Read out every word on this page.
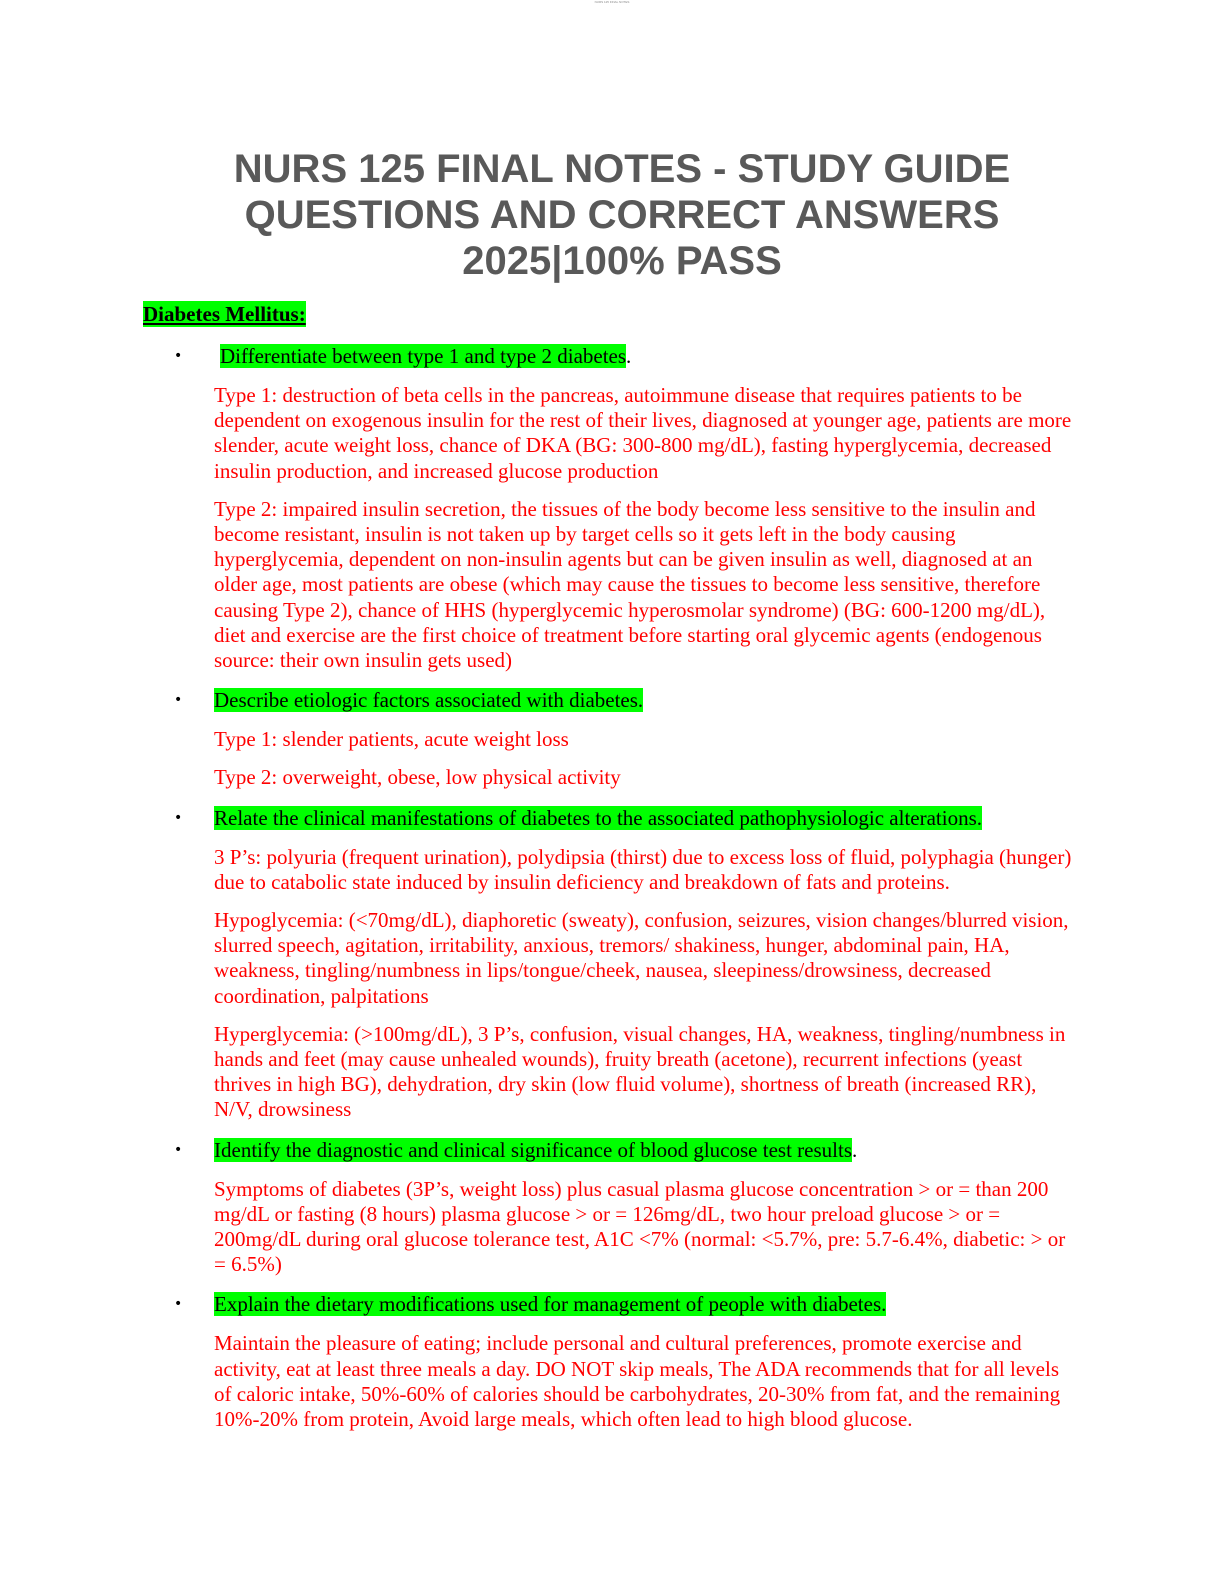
NURS 125 FINAL NOTES
NURS 125 FINAL NOTES - STUDY GUIDE
QUESTIONS AND CORRECT ANSWERS
2025|100% PASS
Diabetes Mellitus:
• Differentiate between type 1 and type 2 diabetes.

Type 1: destruction of beta cells in the pancreas, autoimmune disease that requires patients to be dependent on exogenous insulin for the rest of their lives, diagnosed at younger age, patients are more slender, acute weight loss, chance of DKA (BG: 300-800 mg/dL), fasting hyperglycemia, decreased insulin production, and increased glucose production

Type 2: impaired insulin secretion, the tissues of the body become less sensitive to the insulin and become resistant, insulin is not taken up by target cells so it gets left in the body causing hyperglycemia, dependent on non-insulin agents but can be given insulin as well, diagnosed at an older age, most patients are obese (which may cause the tissues to become less sensitive, therefore causing Type 2), chance of HHS (hyperglycemic hyperosmolar syndrome) (BG: 600-1200 mg/dL), diet and exercise are the first choice of treatment before starting oral glycemic agents (endogenous source: their own insulin gets used)

• Describe etiologic factors associated with diabetes.

Type 1: slender patients, acute weight loss

Type 2: overweight, obese, low physical activity

• Relate the clinical manifestations of diabetes to the associated pathophysiologic alterations.

3 P’s: polyuria (frequent urination), polydipsia (thirst) due to excess loss of fluid, polyphagia (hunger) due to catabolic state induced by insulin deficiency and breakdown of fats and proteins.

Hypoglycemia: (<70mg/dL), diaphoretic (sweaty), confusion, seizures, vision changes/blurred vision, slurred speech, agitation, irritability, anxious, tremors/ shakiness, hunger, abdominal pain, HA, weakness, tingling/numbness in lips/tongue/cheek, nausea, sleepiness/drowsiness, decreased coordination, palpitations

Hyperglycemia: (>100mg/dL), 3 P’s, confusion, visual changes, HA, weakness, tingling/numbness in hands and feet (may cause unhealed wounds), fruity breath (acetone), recurrent infections (yeast thrives in high BG), dehydration, dry skin (low fluid volume), shortness of breath (increased RR), N/V, drowsiness

• Identify the diagnostic and clinical significance of blood glucose test results.

Symptoms of diabetes (3P’s, weight loss) plus casual plasma glucose concentration > or = than 200 mg/dL or fasting (8 hours) plasma glucose > or = 126mg/dL, two hour preload glucose > or = 200mg/dL during oral glucose tolerance test, A1C <7% (normal: <5.7%, pre: 5.7-6.4%, diabetic: > or = 6.5%)

• Explain the dietary modifications used for management of people with diabetes.

Maintain the pleasure of eating; include personal and cultural preferences, promote exercise and activity, eat at least three meals a day. DO NOT skip meals, The ADA recommends that for all levels of caloric intake, 50%-60% of calories should be carbohydrates, 20-30% from fat, and the remaining 10%-20% from protein, Avoid large meals, which often lead to high blood glucose.
